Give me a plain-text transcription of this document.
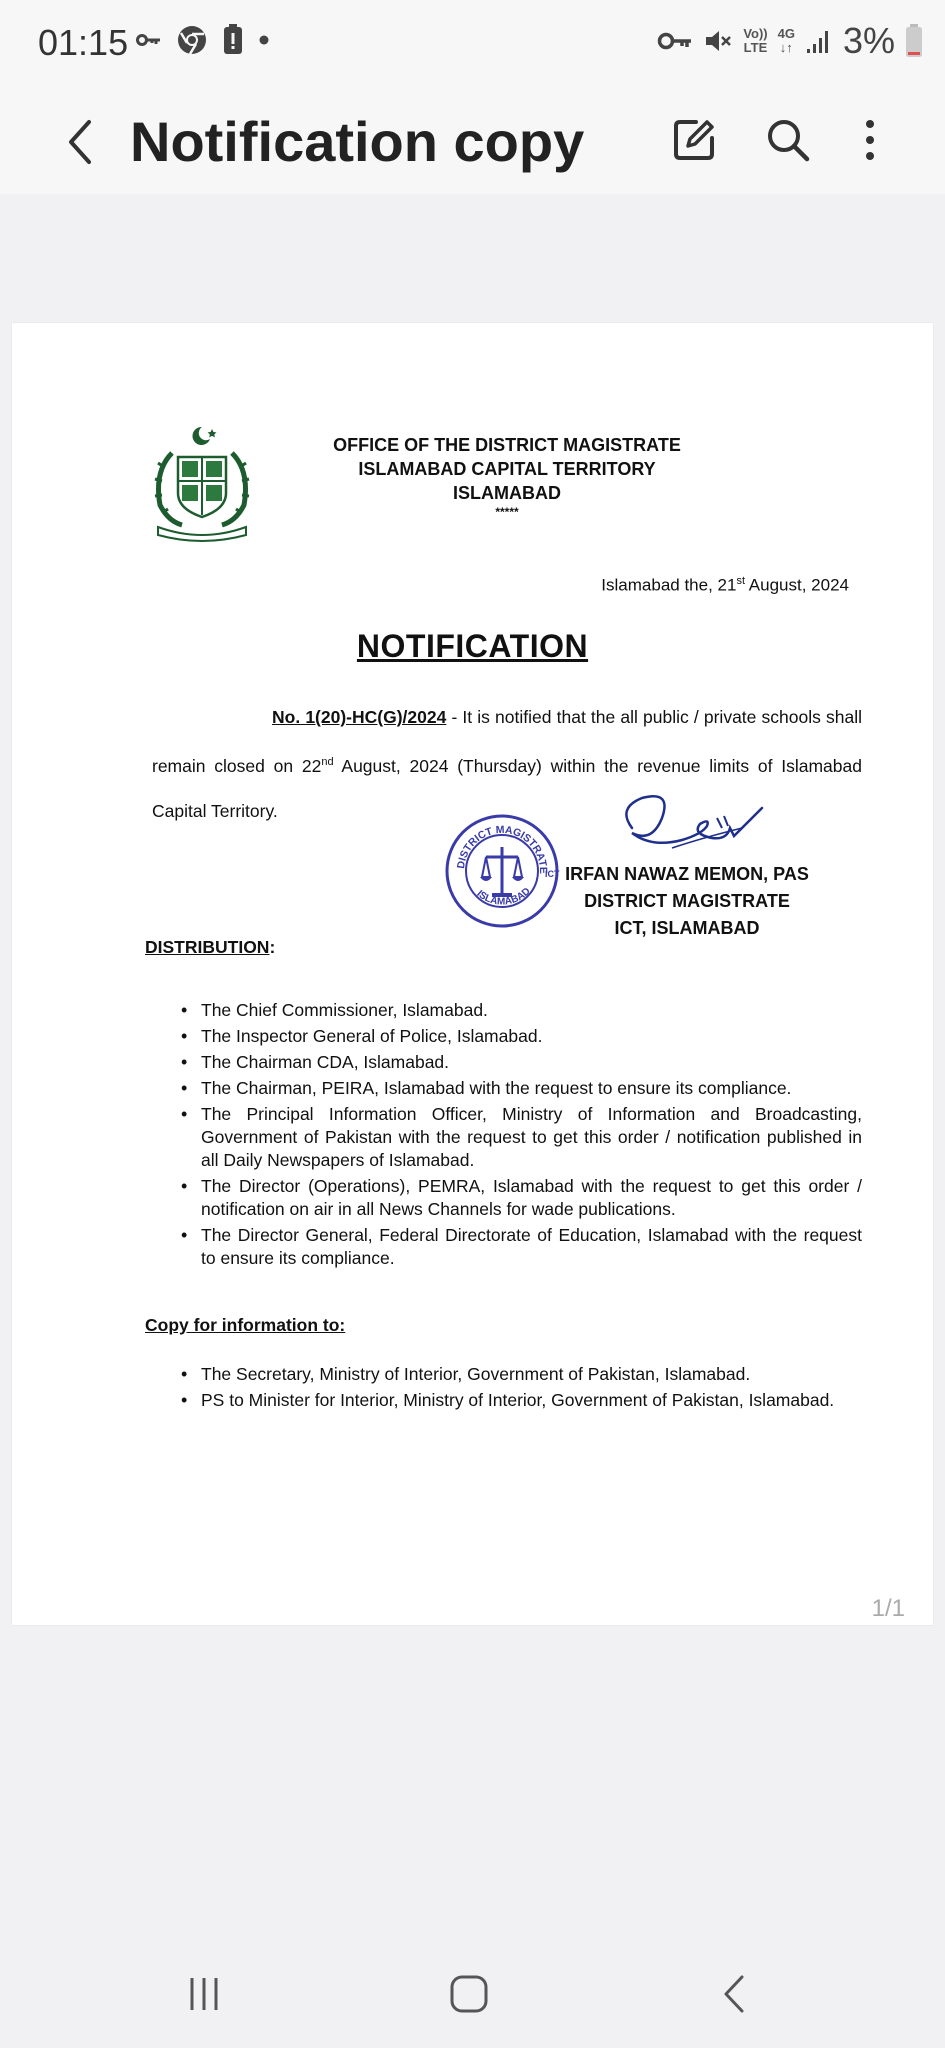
01:15	Vo))
LTE
4G
↓↑ 3%
Notification copy
OFFICE OF THE DISTRICT MAGISTRATE
ISLAMABAD CAPITAL TERRITORY
ISLAMABAD
*****
Islamabad the, 21st August, 2024
NOTIFICATION
No. 1(20)-HC(G)/2024 - It is notified that the all public / private schools shall remain closed on 22nd August, 2024 (Thursday) within the revenue limits of Islamabad Capital Territory.
DISTRICT MAGISTRATE
ICT
ISLAMABAD
IRFAN NAWAZ MEMON, PAS
DISTRICT MAGISTRATE
ICT, ISLAMABAD
DISTRIBUTION:
• The Chief Commissioner, Islamabad.
• The Inspector General of Police, Islamabad.
• The Chairman CDA, Islamabad.
• The Chairman, PEIRA, Islamabad with the request to ensure its compliance.
• The Principal Information Officer, Ministry of Information and Broadcasting, Government of Pakistan with the request to get this order / notification published in all Daily Newspapers of Islamabad.
• The Director (Operations), PEMRA, Islamabad with the request to get this order / notification on air in all News Channels for wade publications.
• The Director General, Federal Directorate of Education, Islamabad with the request to ensure its compliance.
Copy for information to:
• The Secretary, Ministry of Interior, Government of Pakistan, Islamabad.
• PS to Minister for Interior, Ministry of Interior, Government of Pakistan, Islamabad.
1/1
